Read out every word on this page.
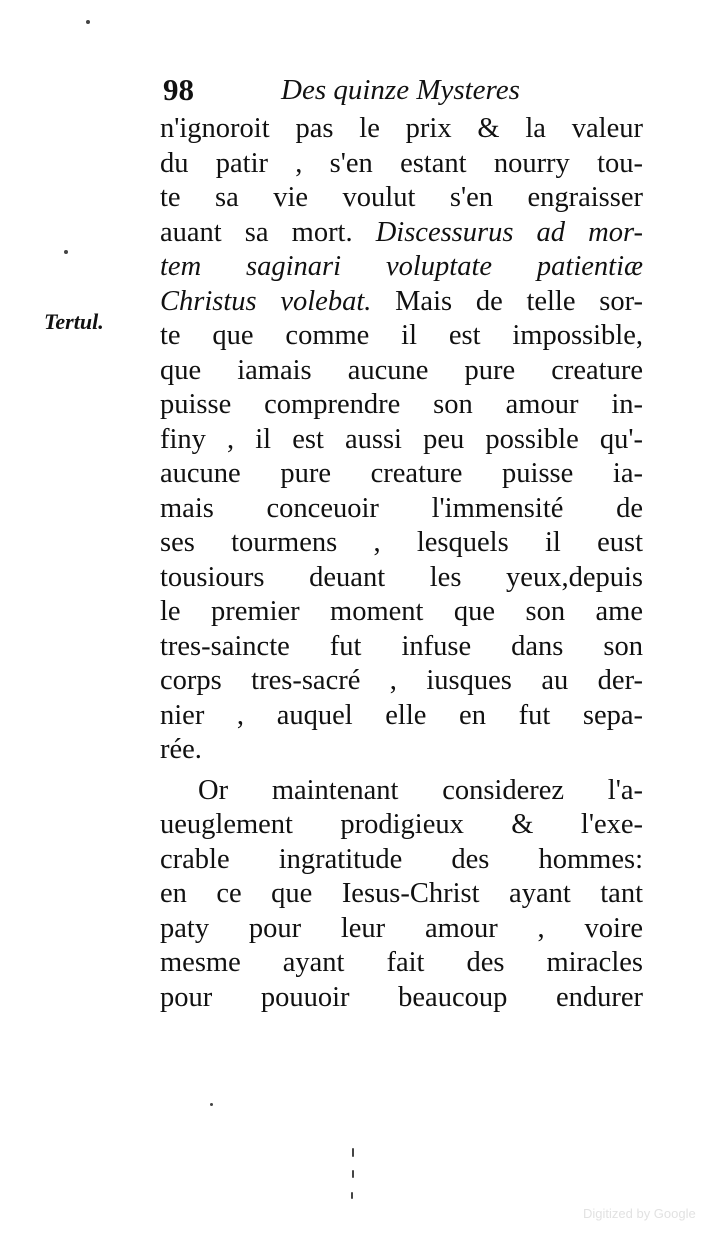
98	Des quinze Mysteres
Tertul.
n'ignoroit pas le prix & la valeur
du patir , s'en estant nourry tou-
te sa vie voulut s'en engraisser
auant sa mort. Discessurus ad mor-
tem saginari voluptate patientiæ
Christus volebat. Mais de telle sor-
te que comme il est impossible,
que iamais aucune pure creature
puisse comprendre son amour in-
finy , il est aussi peu possible qu'-
aucune pure creature puisse ia-
mais conceuoir l'immensité de
ses tourmens , lesquels il eust
tousiours deuant les yeux,depuis
le premier moment que son ame
tres-saincte fut infuse dans son
corps tres-sacré , iusques au der-
nier , auquel elle en fut sepa-
rée.
Or maintenant considerez l'a-
ueuglement prodigieux & l'exe-
crable ingratitude des hommes:
en ce que Iesus-Christ ayant tant
paty pour leur amour , voire
mesme ayant fait des miracles
pour pouuoir beaucoup endurer
Digitized by Google
